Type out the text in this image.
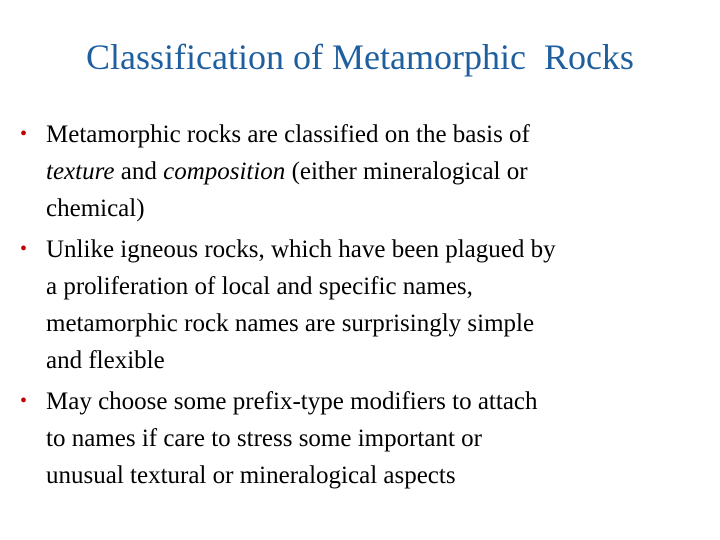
Classification of Metamorphic  Rocks
• Metamorphic rocks are classified on the basis of
texture and composition (either mineralogical or
chemical)
• Unlike igneous rocks, which have been plagued by
a proliferation of local and specific names,
metamorphic rock names are surprisingly simple
and flexible
• May choose some prefix-type modifiers to attach
to names if care to stress some important or
unusual textural or mineralogical aspects
